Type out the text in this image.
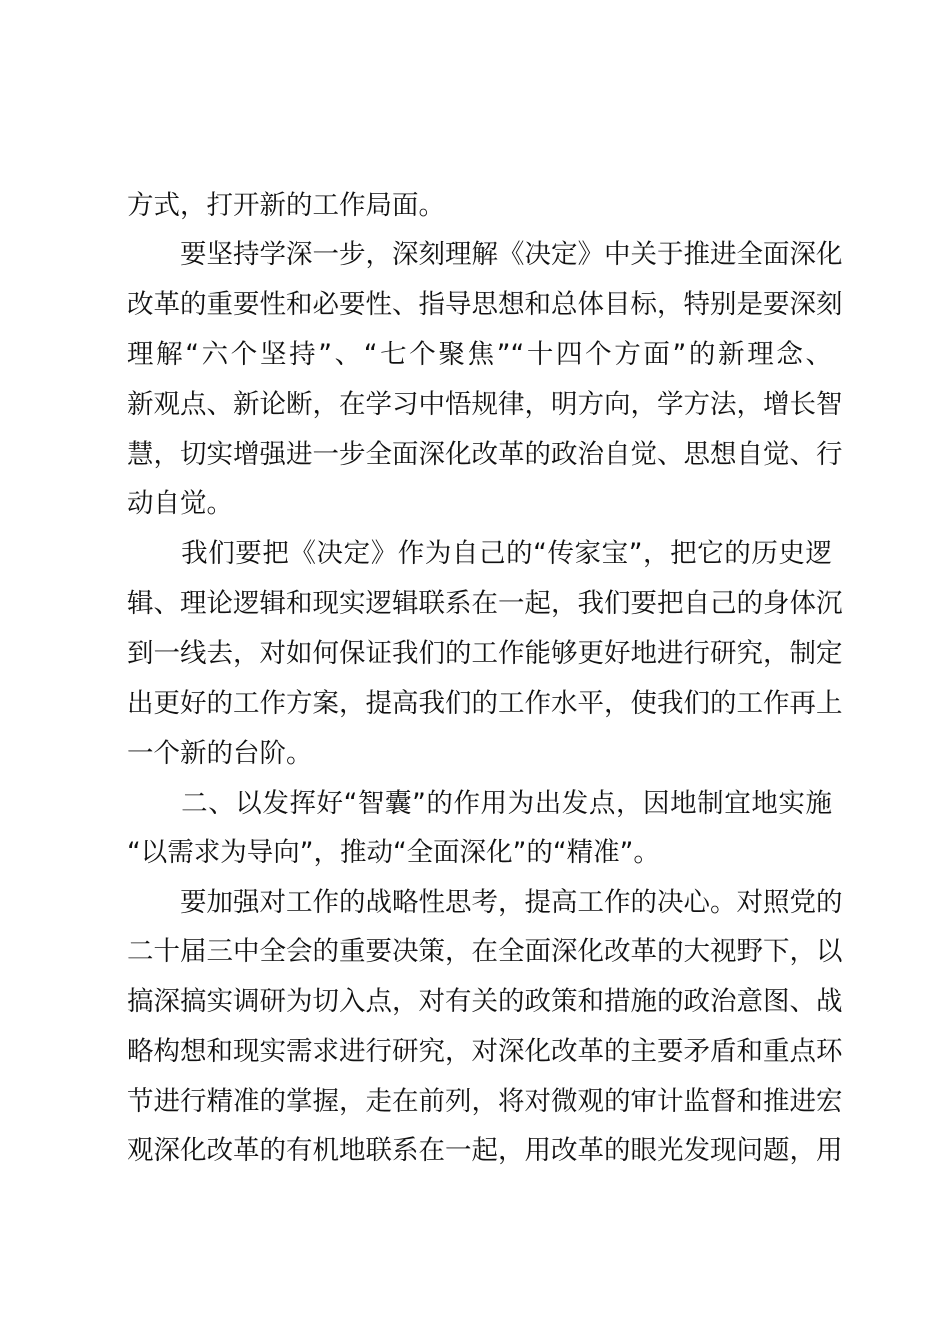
方式，打开新的工作局面。
　　要坚持学深一步，深刻理解《决定》中关于推进全面深化
改革的重要性和必要性、指导思想和总体目标，特别是要深刻
理解“六个坚持”、“七个聚焦”“十四个方面”的新理念、
新观点、新论断，在学习中悟规律，明方向，学方法，增长智
慧，切实增强进一步全面深化改革的政治自觉、思想自觉、行
动自觉。
　　我们要把《决定》作为自己的“传家宝”，把它的历史逻
辑、理论逻辑和现实逻辑联系在一起，我们要把自己的身体沉
到一线去，对如何保证我们的工作能够更好地进行研究，制定
出更好的工作方案，提高我们的工作水平，使我们的工作再上
一个新的台阶。
　　二、以发挥好“智囊”的作用为出发点，因地制宜地实施
“以需求为导向”，推动“全面深化”的“精准”。
　　要加强对工作的战略性思考，提高工作的决心。对照党的
二十届三中全会的重要决策，在全面深化改革的大视野下，以
搞深搞实调研为切入点，对有关的政策和措施的政治意图、战
略构想和现实需求进行研究，对深化改革的主要矛盾和重点环
节进行精准的掌握，走在前列，将对微观的审计监督和推进宏
观深化改革的有机地联系在一起，用改革的眼光发现问题，用
